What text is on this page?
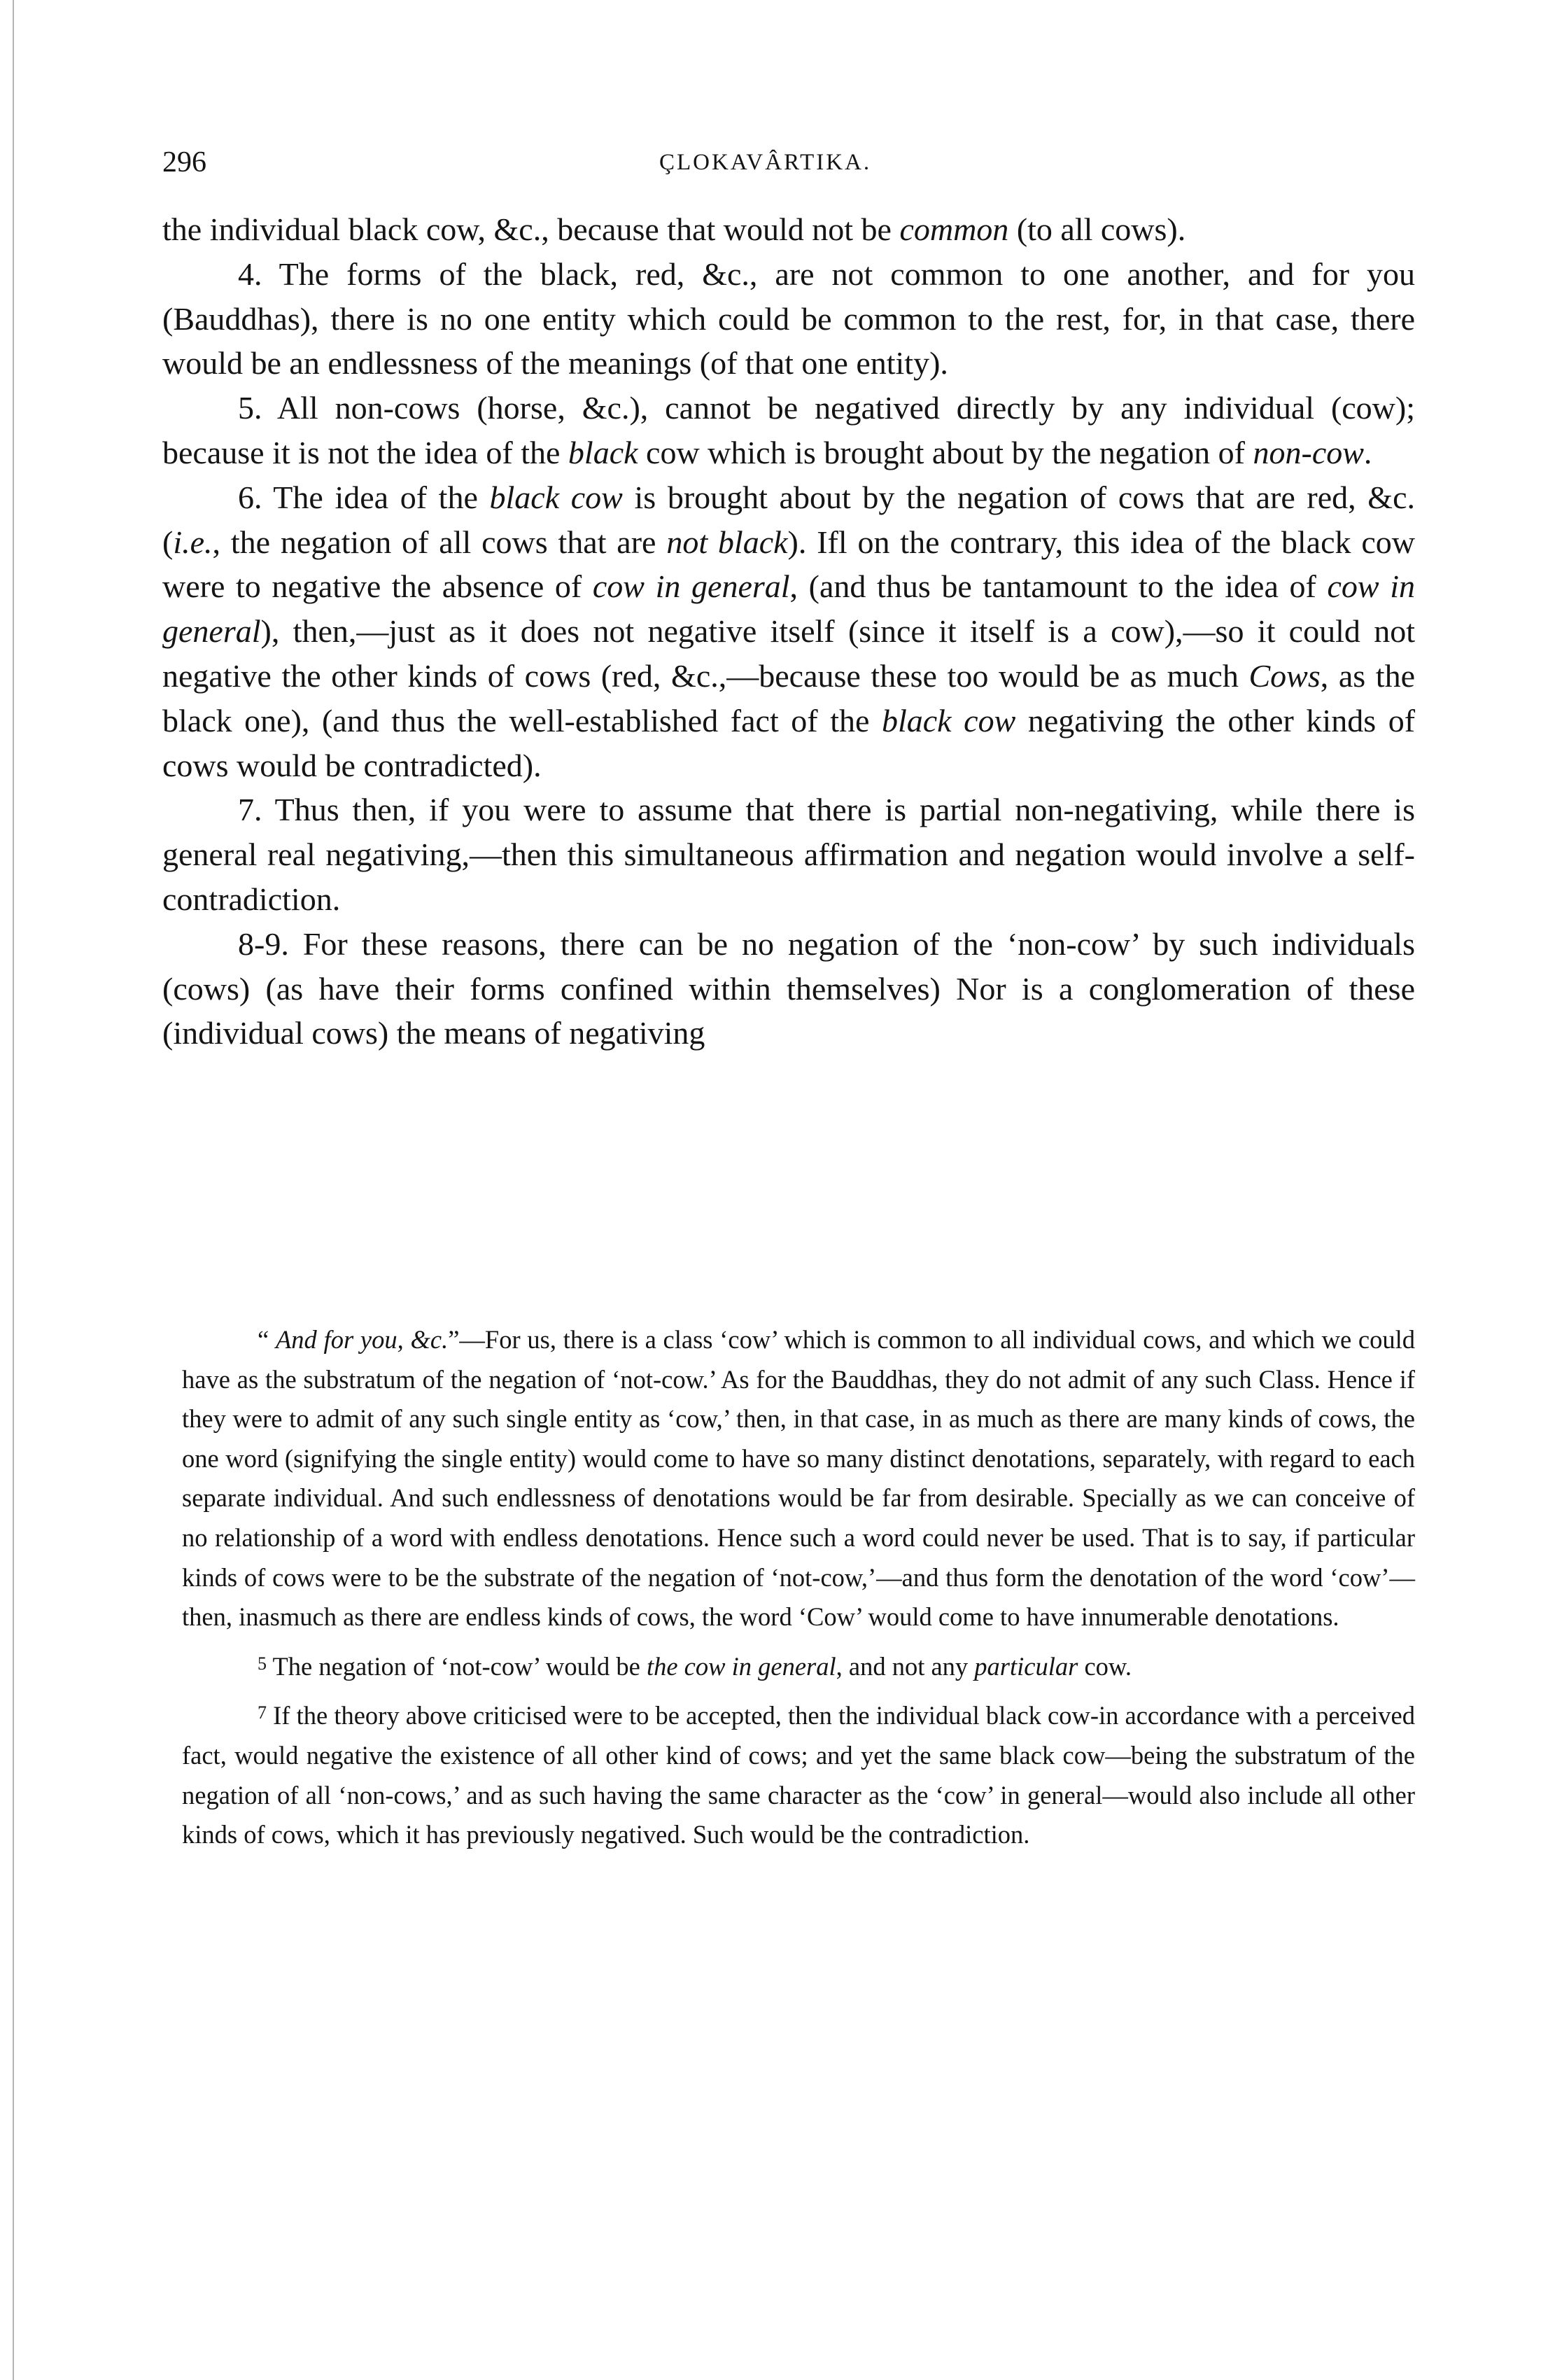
296	ÇLOKAVÂRTIKA.

the individual black cow, &c., because that would not be common (to all cows).

4. The forms of the black, red, &c., are not common to one another, and for you (Bauddhas), there is no one entity which could be common to the rest, for, in that case, there would be an endlessness of the meanings (of that one entity).

5. All non-cows (horse, &c.), cannot be negatived directly by any individual (cow); because it is not the idea of the black cow which is brought about by the negation of non-cow.

6. The idea of the black cow is brought about by the negation of cows that are red, &c. (i.e., the negation of all cows that are not black). Ifl on the contrary, this idea of the black cow were to negative the absence of cow in general, (and thus be tantamount to the idea of cow in general), then,—just as it does not negative itself (since it itself is a cow),—so it could not negative the other kinds of cows (red, &c.,—because these too would be as much Cows, as the black one), (and thus the well-established fact of the black cow negativing the other kinds of cows would be contradicted).

7. Thus then, if you were to assume that there is partial non-negativing, while there is general real negativing,—then this simultaneous affirmation and negation would involve a self-contradiction.

8-9. For these reasons, there can be no negation of the ‘non-cow’ by such individuals (cows) (as have their forms confined within themselves) Nor is a conglomeration of these (individual cows) the means of negativing

“ And for you, &c.”—For us, there is a class ‘cow’ which is common to all individual cows, and which we could have as the substratum of the negation of ‘not-cow.’ As for the Bauddhas, they do not admit of any such Class. Hence if they were to admit of any such single entity as ‘cow,’ then, in that case, in as much as there are many kinds of cows, the one word (signifying the single entity) would come to have so many distinct denotations, separately, with regard to each separate individual. And such endlessness of denotations would be far from desirable. Specially as we can conceive of no relationship of a word with endless denotations. Hence such a word could never be used. That is to say, if particular kinds of cows were to be the substrate of the negation of ‘not-cow,’—and thus form the denotation of the word ‘cow’—then, inasmuch as there are endless kinds of cows, the word ‘Cow’ would come to have innumerable denotations.

$^5$ The negation of ‘not-cow’ would be the cow in general, and not any particular cow.

$^7$ If the theory above criticised were to be accepted, then the individual black cow-in accordance with a perceived fact, would negative the existence of all other kind of cows; and yet the same black cow—being the substratum of the negation of all ‘non-cows,’ and as such having the same character as the ‘cow’ in general—would also include all other kinds of cows, which it has previously negatived. Such would be the contradiction.
